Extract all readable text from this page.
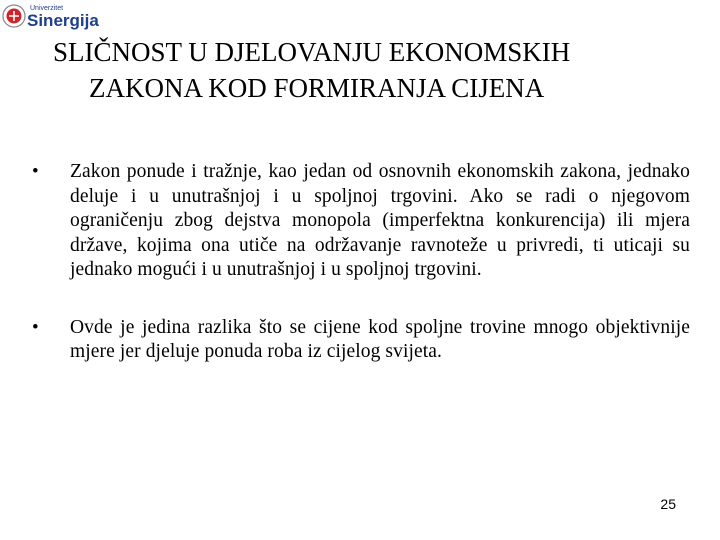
Univerzitet
Sinergija
SLIČNOST U DJELOVANJU EKONOMSKIH
ZAKONA KOD FORMIRANJA CIJENA
• Zakon ponude i tražnje, kao jedan od osnovnih ekonomskih zakona, jednako deluje i u unutrašnjoj i u spoljnoj trgovini. Ako se radi o njegovom ograničenju zbog dejstva monopola (imperfektna konkurencija) ili mjera države, kojima ona utiče na održavanje ravnoteže u privredi, ti uticaji su jednako mogući i u unutrašnjoj i u spoljnoj trgovini.
• Ovde je jedina razlika što se cijene kod spoljne trovine mnogo objektivnije mjere jer djeluje ponuda roba iz cijelog svijeta.
25
